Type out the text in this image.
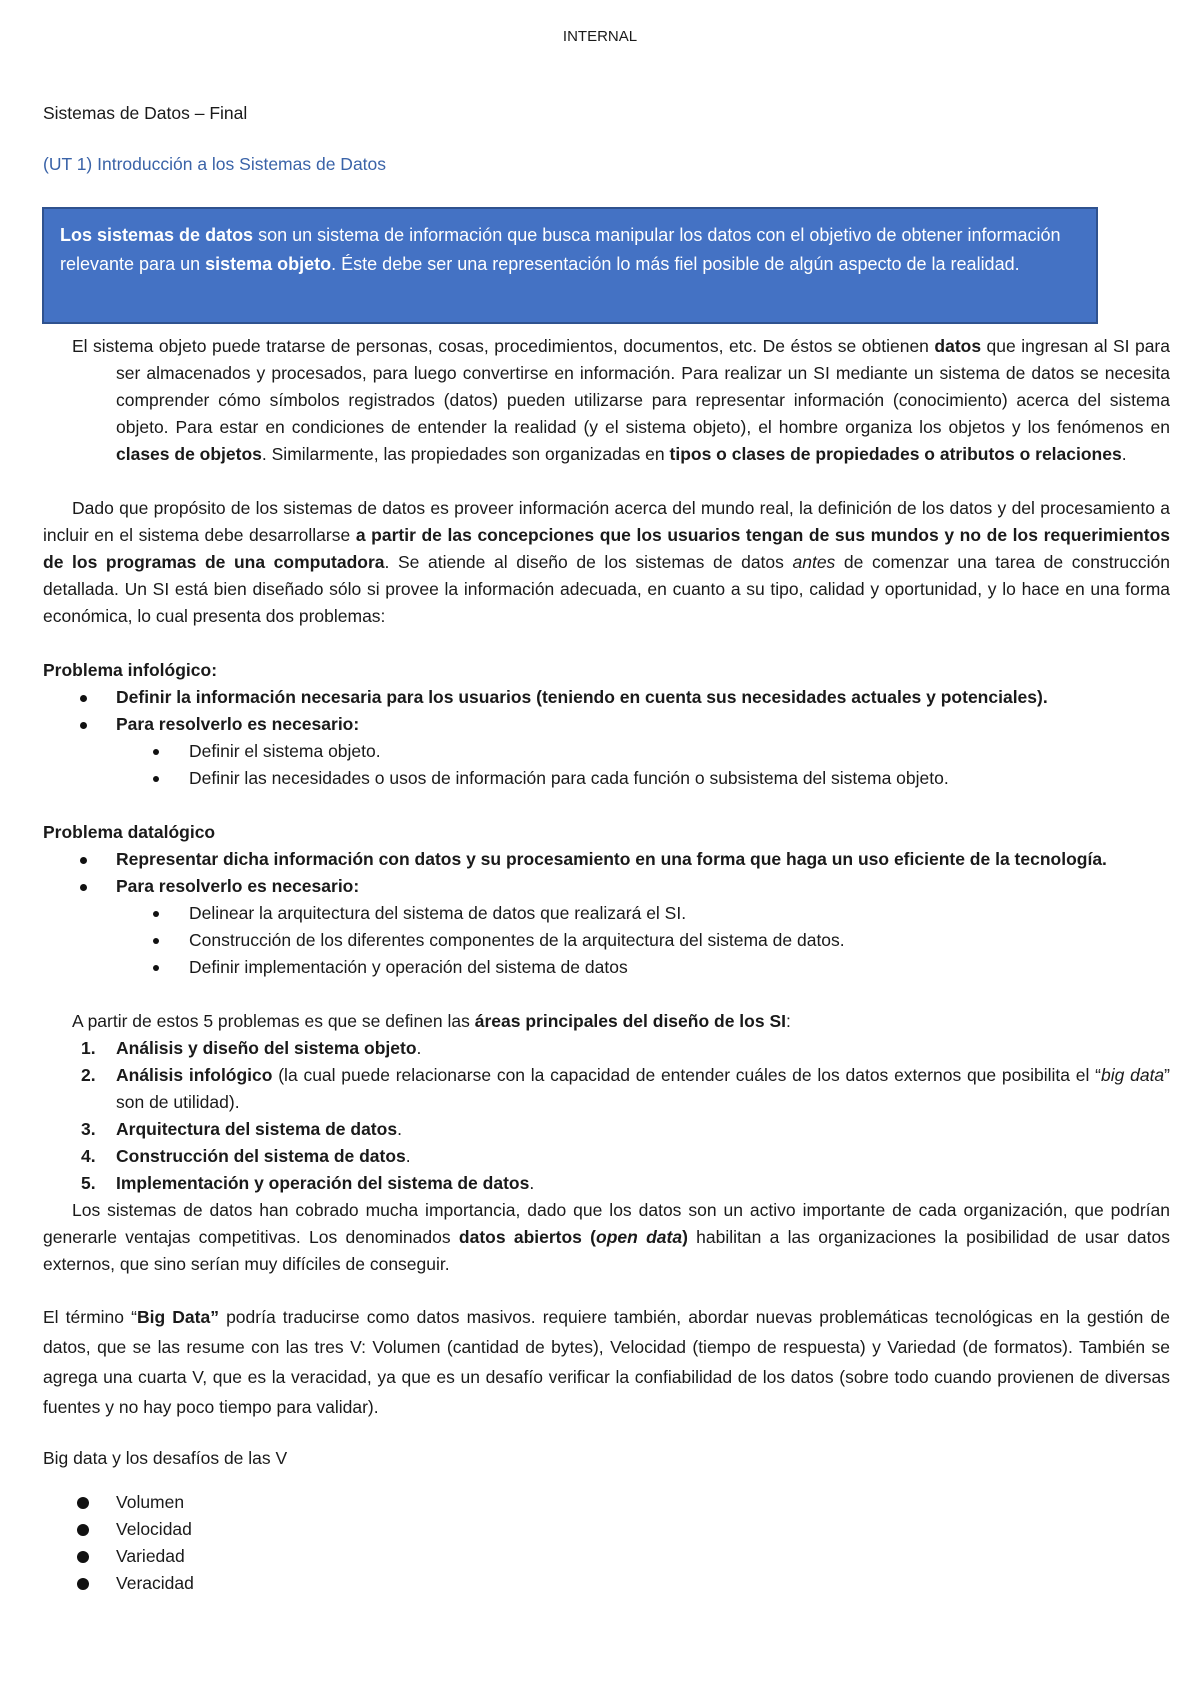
INTERNAL
Sistemas de Datos – Final
(UT 1) Introducción a los Sistemas de Datos
Los sistemas de datos son un sistema de información que busca manipular los datos con el objetivo de obtener información relevante para un sistema objeto. Éste debe ser una representación lo más fiel posible de algún aspecto de la realidad.
El sistema objeto puede tratarse de personas, cosas, procedimientos, documentos, etc. De éstos se obtienen datos que ingresan al SI para ser almacenados y procesados, para luego convertirse en información. Para realizar un SI mediante un sistema de datos se necesita comprender cómo símbolos registrados (datos) pueden utilizarse para representar información (conocimiento) acerca del sistema objeto. Para estar en condiciones de entender la realidad (y el sistema objeto), el hombre organiza los objetos y los fenómenos en clases de objetos. Similarmente, las propiedades son organizadas en tipos o clases de propiedades o atributos o relaciones.
Dado que propósito de los sistemas de datos es proveer información acerca del mundo real, la definición de los datos y del procesamiento a incluir en el sistema debe desarrollarse a partir de las concepciones que los usuarios tengan de sus mundos y no de los requerimientos de los programas de una computadora. Se atiende al diseño de los sistemas de datos antes de comenzar una tarea de construcción detallada. Un SI está bien diseñado sólo si provee la información adecuada, en cuanto a su tipo, calidad y oportunidad, y lo hace en una forma económica, lo cual presenta dos problemas:
Problema infológico:
Definir la información necesaria para los usuarios (teniendo en cuenta sus necesidades actuales y potenciales).
Para resolverlo es necesario:
Definir el sistema objeto.
Definir las necesidades o usos de información para cada función o subsistema del sistema objeto.
Problema datalógico
Representar dicha información con datos y su procesamiento en una forma que haga un uso eficiente de la tecnología.
Para resolverlo es necesario:
Delinear la arquitectura del sistema de datos que realizará el SI.
Construcción de los diferentes componentes de la arquitectura del sistema de datos.
Definir implementación y operación del sistema de datos
A partir de estos 5 problemas es que se definen las áreas principales del diseño de los SI:
1. Análisis y diseño del sistema objeto.
2. Análisis infológico (la cual puede relacionarse con la capacidad de entender cuáles de los datos externos que posibilita el “big data” son de utilidad).
3. Arquitectura del sistema de datos.
4. Construcción del sistema de datos.
5. Implementación y operación del sistema de datos.
Los sistemas de datos han cobrado mucha importancia, dado que los datos son un activo importante de cada organización, que podrían generarle ventajas competitivas. Los denominados datos abiertos (open data) habilitan a las organizaciones la posibilidad de usar datos externos, que sino serían muy difíciles de conseguir.
El término “Big Data” podría traducirse como datos masivos. requiere también, abordar nuevas problemáticas tecnológicas en la gestión de datos, que se las resume con las tres V: Volumen (cantidad de bytes), Velocidad (tiempo de respuesta) y Variedad (de formatos). También se agrega una cuarta V, que es la veracidad, ya que es un desafío verificar la confiabilidad de los datos (sobre todo cuando provienen de diversas fuentes y no hay poco tiempo para validar).
Big data y los desafíos de las V
Volumen
Velocidad
Variedad
Veracidad
